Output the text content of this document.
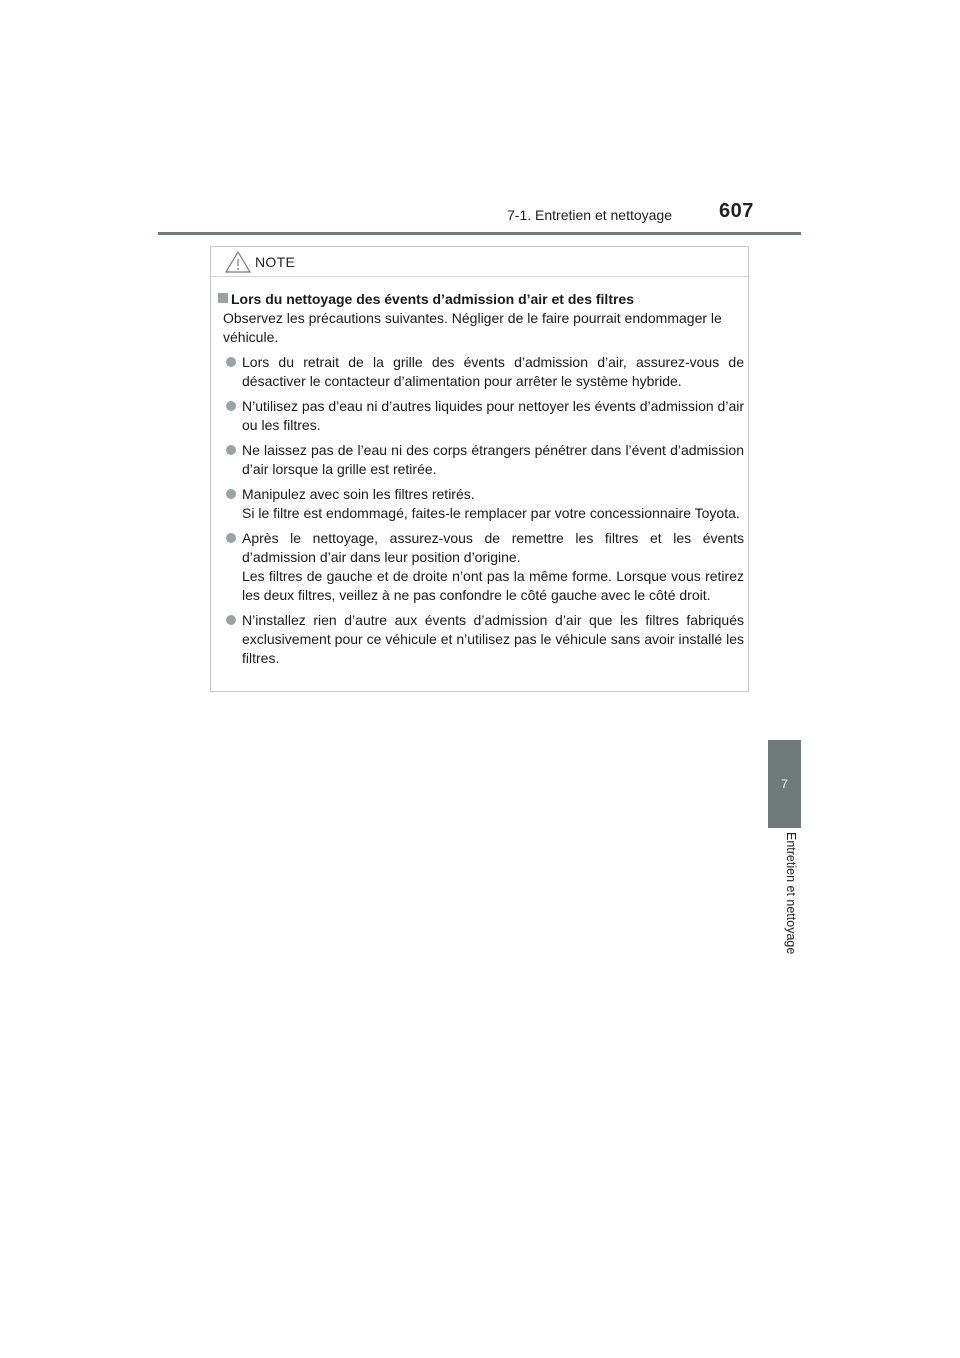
7-1. Entretien et nettoyage 607
7
Entretien et nettoyage
NOTE
Lors du nettoyage des évents d’admission d’air et des filtres
Observez les précautions suivantes. Négliger de le faire pourrait endommager le véhicule.
Lors du retrait de la grille des évents d’admission d’air, assurez-vous de désactiver le contacteur d’alimentation pour arrêter le système hybride.
N’utilisez pas d’eau ni d’autres liquides pour nettoyer les évents d’admission d’air ou les filtres.
Ne laissez pas de l’eau ni des corps étrangers pénétrer dans l’évent d’admission d’air lorsque la grille est retirée.
Manipulez avec soin les filtres retirés.
Si le filtre est endommagé, faites-le remplacer par votre concessionnaire Toyota.
Après le nettoyage, assurez-vous de remettre les filtres et les évents d’admission d’air dans leur position d’origine.
Les filtres de gauche et de droite n’ont pas la même forme. Lorsque vous retirez les deux filtres, veillez à ne pas confondre le côté gauche avec le côté droit.
N’installez rien d’autre aux évents d’admission d’air que les filtres fabriqués exclusivement pour ce véhicule et n’utilisez pas le véhicule sans avoir installé les filtres.
